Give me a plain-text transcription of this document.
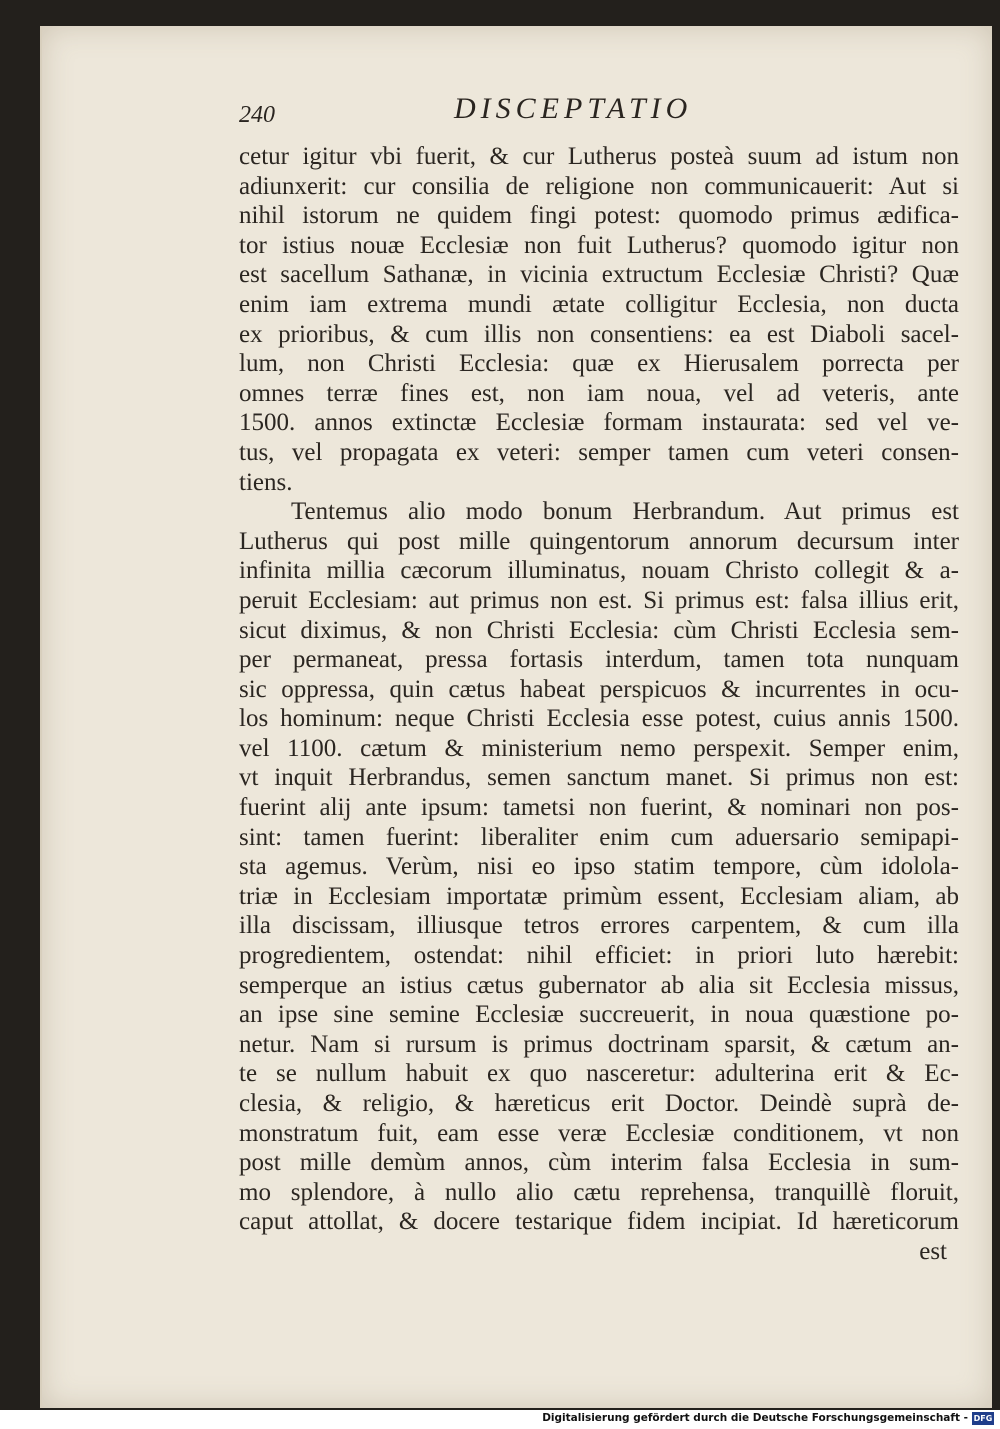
240	DISCEPTATIO
cetur igitur vbi fuerit, & cur Lutherus posteà suum ad istum non
adiunxerit: cur consilia de religione non communicauerit: Aut si
nihil istorum ne quidem fingi potest: quomodo primus ædifica-
tor istius nouæ Ecclesiæ non fuit Lutherus? quomodo igitur non
est sacellum Sathanæ, in vicinia extructum Ecclesiæ Christi? Quæ
enim iam extrema mundi ætate colligitur Ecclesia, non ducta
ex prioribus, & cum illis non consentiens: ea est Diaboli sacel-
lum, non Christi Ecclesia: quæ ex Hierusalem porrecta per
omnes terræ fines est, non iam noua, vel ad veteris, ante
1500. annos extinctæ Ecclesiæ formam instaurata: sed vel ve-
tus, vel propagata ex veteri: semper tamen cum veteri consen-
tiens.
Tentemus alio modo bonum Herbrandum. Aut primus est
Lutherus qui post mille quingentorum annorum decursum inter
infinita millia cæcorum illuminatus, nouam Christo collegit & a-
peruit Ecclesiam: aut primus non est. Si primus est: falsa illius erit,
sicut diximus, & non Christi Ecclesia: cùm Christi Ecclesia sem-
per permaneat, pressa fortasis interdum, tamen tota nunquam
sic oppressa, quin cætus habeat perspicuos & incurrentes in ocu-
los hominum: neque Christi Ecclesia esse potest, cuius annis 1500.
vel 1100. cætum & ministerium nemo perspexit. Semper enim,
vt inquit Herbrandus, semen sanctum manet. Si primus non est:
fuerint alij ante ipsum: tametsi non fuerint, & nominari non pos-
sint: tamen fuerint: liberaliter enim cum aduersario semipapi-
sta agemus. Verùm, nisi eo ipso statim tempore, cùm idolola-
triæ in Ecclesiam importatæ primùm essent, Ecclesiam aliam, ab
illa discissam, illiusque tetros errores carpentem, & cum illa
progredientem, ostendat: nihil efficiet: in priori luto hærebit:
semperque an istius cætus gubernator ab alia sit Ecclesia missus,
an ipse sine semine Ecclesiæ succreuerit, in noua quæstione po-
netur. Nam si rursum is primus doctrinam sparsit, & cætum an-
te se nullum habuit ex quo nasceretur: adulterina erit & Ec-
clesia, & religio, & hæreticus erit Doctor. Deindè suprà de-
monstratum fuit, eam esse veræ Ecclesiæ conditionem, vt non
post mille demùm annos, cùm interim falsa Ecclesia in sum-
mo splendore, à nullo alio cætu reprehensa, tranquillè floruit,
caput attollat, & docere testarique fidem incipiat. Id hæreticorum
est
Digitalisierung gefördert durch die Deutsche Forschungsgemeinschaft - DFG
